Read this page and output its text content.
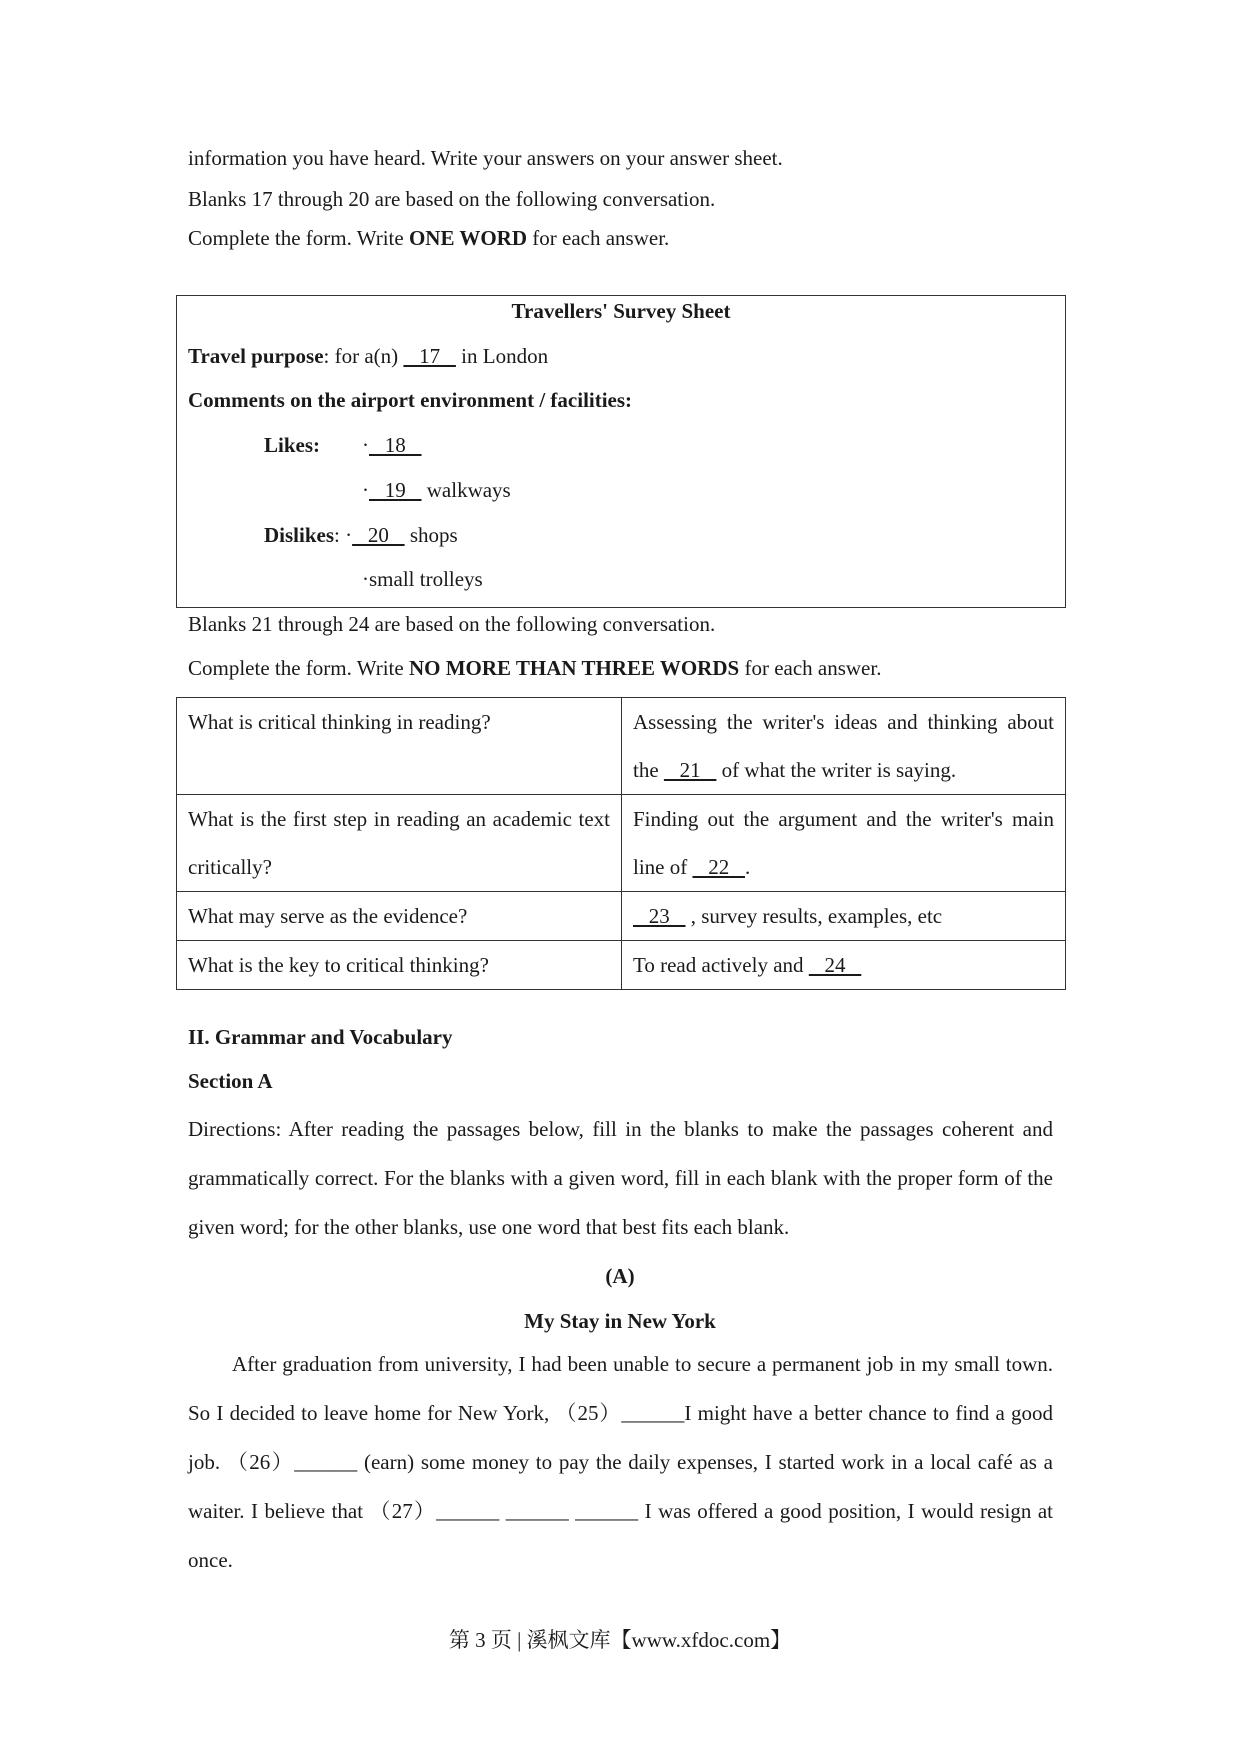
information you have heard. Write your answers on your answer sheet.
Blanks 17 through 20 are based on the following conversation.
Complete the form. Write ONE WORD for each answer.
Travellers' Survey Sheet
Travel purpose: for a(n)    17    in London
Comments on the airport environment / facilities:
Likes: ·   18
·   19    walkways
Dislikes: ·   20    shops
·small trolleys
Blanks 21 through 24 are based on the following conversation.
Complete the form. Write NO MORE THAN THREE WORDS for each answer.
What is critical thinking in reading?	Assessing the writer's ideas and thinking about the    21    of what the writer is saying.
What is the first step in reading an academic text critically?	Finding out the argument and the writer's main line of    22   .
What may serve as the evidence?	23    , survey results, examples, etc
What is the key to critical thinking?	To read actively and    24
II. Grammar and Vocabulary
Section A
Directions: After reading the passages below, fill in the blanks to make the passages coherent and grammatically correct. For the blanks with a given word, fill in each blank with the proper form of the given word; for the other blanks, use one word that best fits each blank.
(A)
My Stay in New York
After graduation from university, I had been unable to secure a permanent job in my small town. So I decided to leave home for New York, （25）______I might have a better chance to find a good job. （26）______ (earn) some money to pay the daily expenses, I started work in a local café as a waiter. I believe that （27）______ ______ ______ I was offered a good position, I would resign at once.
第 3 页 | 溪枫文库【www.xfdoc.com】
